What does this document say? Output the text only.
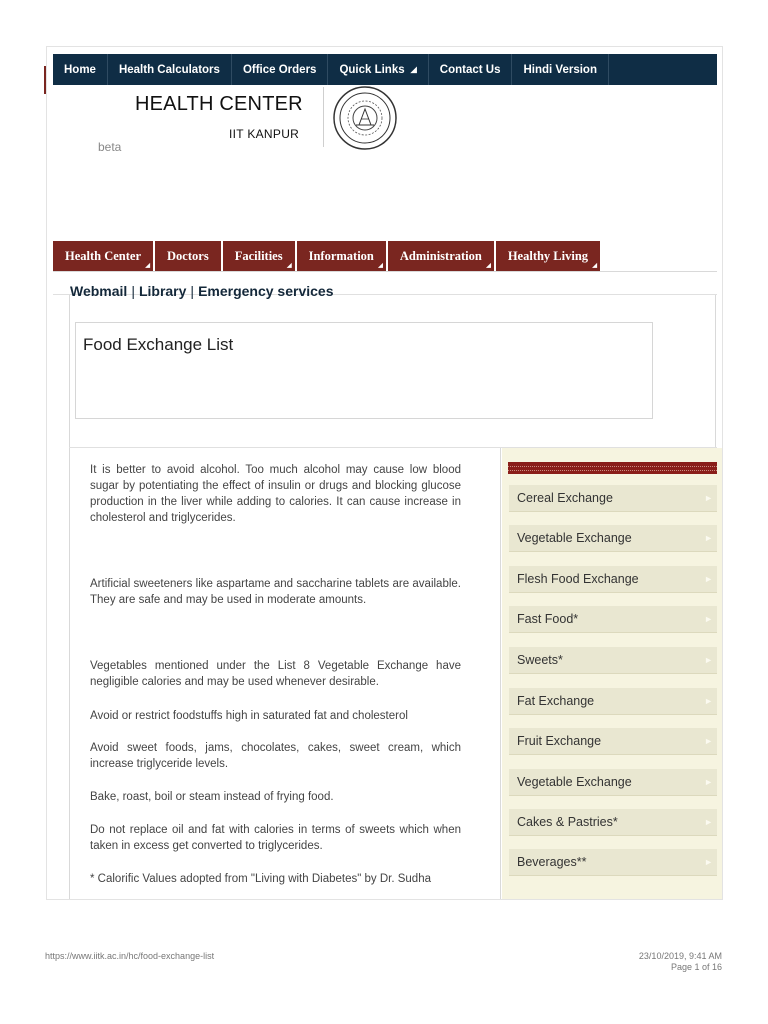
Home Health Calculators Office Orders Quick Links ◢ Contact Us Hindi Version
HEALTH CENTER
IIT KANPUR
beta
Health Center
◢
Doctors Facilities
◢
Information
◢
Administration
◢
Healthy Living
◢
Webmail | Library | Emergency services
Food Exchange List

It is better to avoid alcohol. Too much alcohol may cause low blood sugar by potentiating the effect of insulin or drugs and blocking glucose production in the liver while adding to calories. It can cause increase in cholesterol and triglycerides.

Artificial sweeteners like aspartame and saccharine tablets are available. They are safe and may be used in moderate amounts.

Vegetables mentioned under the List 8 Vegetable Exchange have negligible calories and may be used whenever desirable.

Avoid or restrict foodstuffs high in saturated fat and cholesterol

Avoid sweet foods, jams, chocolates, cakes, sweet cream, which increase triglyceride levels.

Bake, roast, boil or steam instead of frying food.

Do not replace oil and fat with calories in terms of sweets which when taken in excess get converted to triglycerides.

* Calorific Values adopted from "Living with Diabetes" by Dr. Sudha

Cereal Exchange	►
Vegetable Exchange	►
Flesh Food Exchange	►
Fast Food*	►
Sweets*	►
Fat Exchange	►
Fruit Exchange	►
Vegetable Exchange	►
Cakes & Pastries*	►
Beverages**	►
https://www.iitk.ac.in/hc/food-exchange-list	23/10/2019, 9:41 AM
Page 1 of 16
